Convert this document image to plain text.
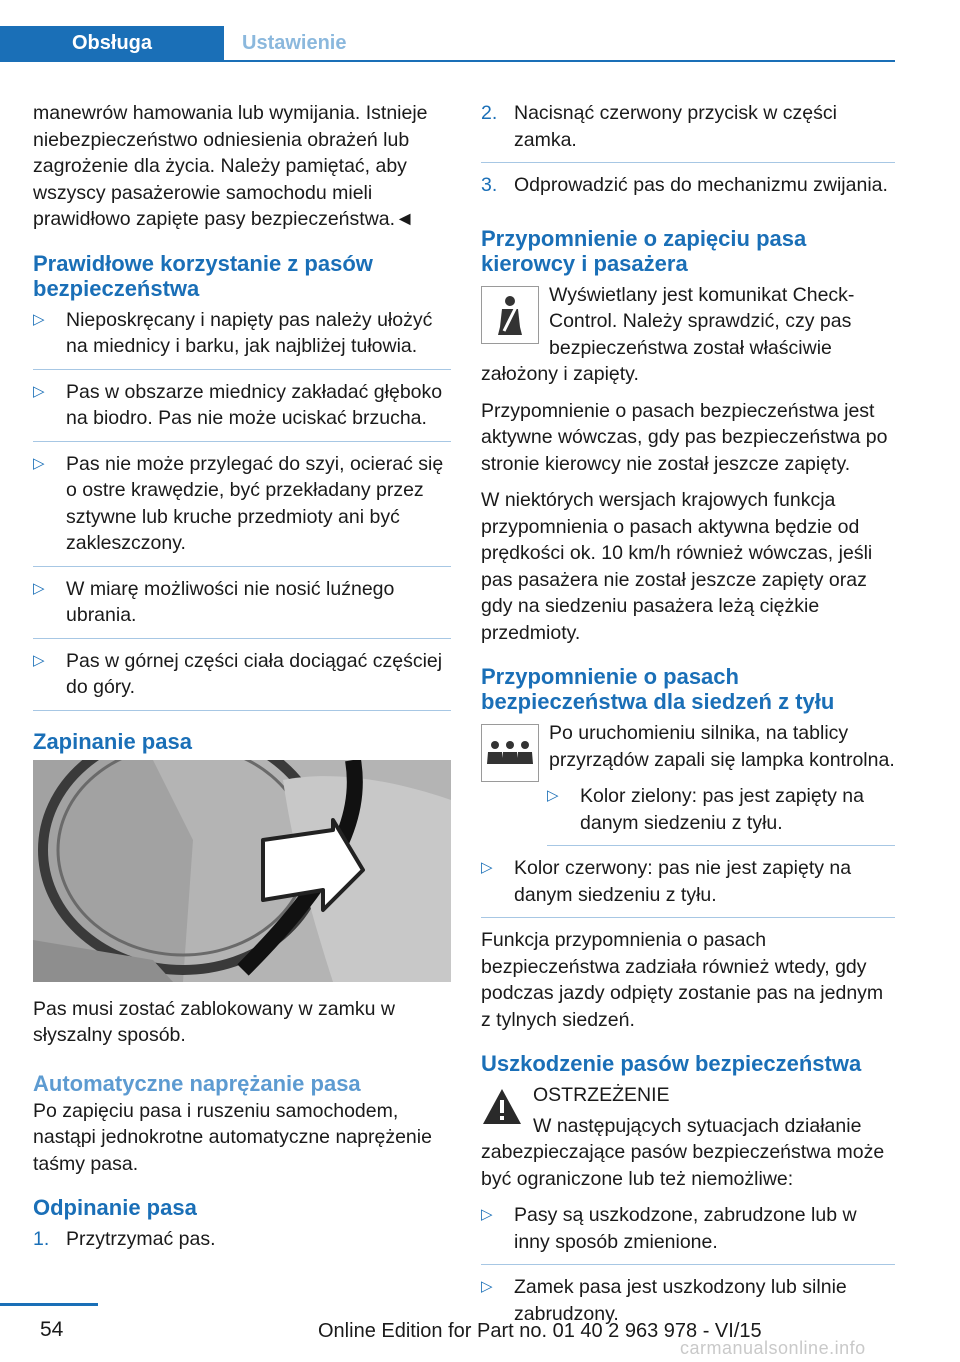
Obsługa	Ustawienie

manewrów hamowania lub wymijania. Istnieje niebezpieczeństwo odniesienia obrażeń lub zagrożenie dla życia. Należy pamiętać, aby wszyscy pasażerowie samochodu mieli prawidłowo zapięte pasy bezpieczeństwa.◄

Prawidłowe korzystanie z pasów bezpieczeństwa
▷ Nieposkręcany i napięty pas należy ułożyć na miednicy i barku, jak najbliżej tułowia.
▷ Pas w obszarze miednicy zakładać głęboko na biodro. Pas nie może uciskać brzucha.
▷ Pas nie może przylegać do szyi, ocierać się o ostre krawędzie, być przekładany przez sztywne lub kruche przedmioty ani być zakleszczony.
▷ W miarę możliwości nie nosić luźnego ubrania.
▷ Pas w górnej części ciała dociągać częściej do góry.
Zapinanie pasa

Pas musi zostać zablokowany w zamku w słyszalny sposób.

Automatyczne naprężanie pasa

Po zapięciu pasa i ruszeniu samochodem, nastąpi jednokrotne automatyczne naprężenie taśmy pasa.

Odpinanie pasa
1. Przytrzymać pas.
2. Nacisnąć czerwony przycisk w części zamka.
3. Odprowadzić pas do mechanizmu zwijania.
Przypomnienie o zapięciu pasa kierowcy i pasażera

Wyświetlany jest komunikat Check-Control. Należy sprawdzić, czy pas bezpieczeństwa został właściwie założony i zapięty.

Przypomnienie o pasach bezpieczeństwa jest aktywne wówczas, gdy pas bezpieczeństwa po stronie kierowcy nie został jeszcze zapięty.

W niektórych wersjach krajowych funkcja przypomnienia o pasach aktywna będzie od prędkości ok. 10 km/h również wówczas, jeśli pas pasażera nie został jeszcze zapięty oraz gdy na siedzeniu pasażera leżą ciężkie przedmioty.

Przypomnienie o pasach bezpieczeństwa dla siedzeń z tyłu

Po uruchomieniu silnika, na tablicy przyrządów zapali się lampka kontrolna.

▷ Kolor zielony: pas jest zapięty na danym siedzeniu z tyłu.
▷ Kolor czerwony: pas nie jest zapięty na danym siedzeniu z tyłu.

Funkcja przypomnienia o pasach bezpieczeństwa zadziała również wtedy, gdy podczas jazdy odpięty zostanie pas na jednym z tylnych siedzeń.

Uszkodzenie pasów bezpieczeństwa

OSTRZEŻENIE

W następujących sytuacjach działanie zabezpieczające pasów bezpieczeństwa może być ograniczone lub też niemożliwe:

▷ Pasy są uszkodzone, zabrudzone lub w inny sposób zmienione.
▷ Zamek pasa jest uszkodzony lub silnie zabrudzony.
54	Online Edition for Part no. 01 40 2 963 978 - VI/15
carmanualsonline.info
